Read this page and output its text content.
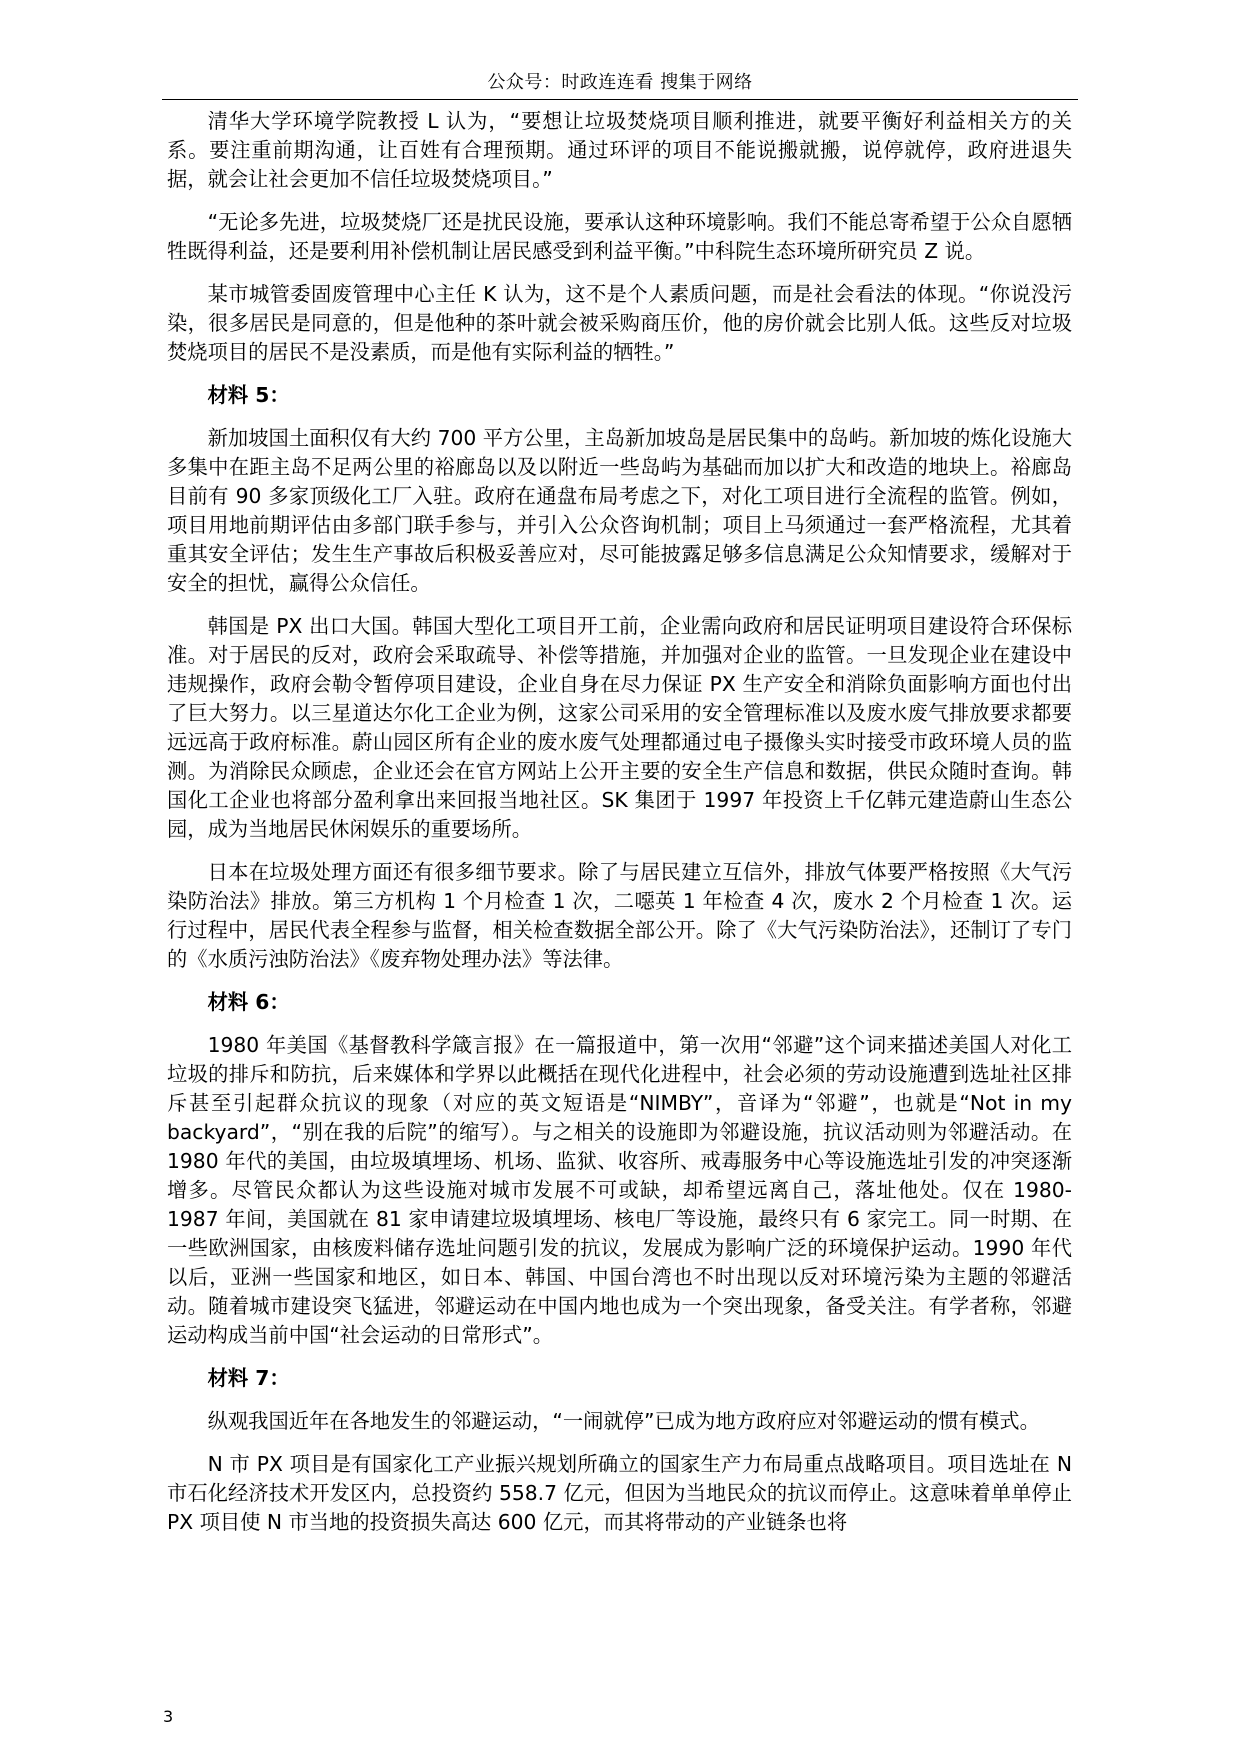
公众号：时政连连看 搜集于网络

清华大学环境学院教授 L 认为，“要想让垃圾焚烧项目顺利推进，就要平衡好利益相关方的关系。要注重前期沟通，让百姓有合理预期。通过环评的项目不能说搬就搬，说停就停，政府进退失据，就会让社会更加不信任垃圾焚烧项目。”

“无论多先进，垃圾焚烧厂还是扰民设施，要承认这种环境影响。我们不能总寄希望于公众自愿牺牲既得利益，还是要利用补偿机制让居民感受到利益平衡。”中科院生态环境所研究员 Z 说。

某市城管委固废管理中心主任 K 认为，这不是个人素质问题，而是社会看法的体现。“你说没污染，很多居民是同意的，但是他种的茶叶就会被采购商压价，他的房价就会比别人低。这些反对垃圾焚烧项目的居民不是没素质，而是他有实际利益的牺牲。”

材料 5：

新加坡国土面积仅有大约 700 平方公里，主岛新加坡岛是居民集中的岛屿。新加坡的炼化设施大多集中在距主岛不足两公里的裕廊岛以及以附近一些岛屿为基础而加以扩大和改造的地块上。裕廊岛目前有 90 多家顶级化工厂入驻。政府在通盘布局考虑之下，对化工项目进行全流程的监管。例如，项目用地前期评估由多部门联手参与，并引入公众咨询机制；项目上马须通过一套严格流程，尤其着重其安全评估；发生生产事故后积极妥善应对，尽可能披露足够多信息满足公众知情要求，缓解对于安全的担忧，赢得公众信任。

韩国是 PX 出口大国。韩国大型化工项目开工前，企业需向政府和居民证明项目建设符合环保标准。对于居民的反对，政府会采取疏导、补偿等措施，并加强对企业的监管。一旦发现企业在建设中违规操作，政府会勒令暂停项目建设，企业自身在尽力保证 PX 生产安全和消除负面影响方面也付出了巨大努力。以三星道达尔化工企业为例，这家公司采用的安全管理标准以及废水废气排放要求都要远远高于政府标准。蔚山园区所有企业的废水废气处理都通过电子摄像头实时接受市政环境人员的监测。为消除民众顾虑，企业还会在官方网站上公开主要的安全生产信息和数据，供民众随时查询。韩国化工企业也将部分盈利拿出来回报当地社区。SK 集团于 1997 年投资上千亿韩元建造蔚山生态公园，成为当地居民休闲娱乐的重要场所。

日本在垃圾处理方面还有很多细节要求。除了与居民建立互信外，排放气体要严格按照《大气污染防治法》排放。第三方机构 1 个月检查 1 次，二噁英 1 年检查 4 次，废水 2 个月检查 1 次。运行过程中，居民代表全程参与监督，相关检查数据全部公开。除了《大气污染防治法》，还制订了专门的《水质污浊防治法》《废弃物处理办法》等法律。

材料 6：

1980 年美国《基督教科学箴言报》在一篇报道中，第一次用“邻避”这个词来描述美国人对化工垃圾的排斥和防抗，后来媒体和学界以此概括在现代化进程中，社会必须的劳动设施遭到选址社区排斥甚至引起群众抗议的现象（对应的英文短语是“NIMBY”，音译为“邻避”，也就是“Not in my backyard”，“别在我的后院”的缩写）。与之相关的设施即为邻避设施，抗议活动则为邻避活动。在 1980 年代的美国，由垃圾填埋场、机场、监狱、收容所、戒毒服务中心等设施选址引发的冲突逐渐增多。尽管民众都认为这些设施对城市发展不可或缺，却希望远离自己，落址他处。仅在 1980-1987 年间，美国就在 81 家申请建垃圾填埋场、核电厂等设施，最终只有 6 家完工。同一时期、在一些欧洲国家，由核废料储存选址问题引发的抗议，发展成为影响广泛的环境保护运动。1990 年代以后，亚洲一些国家和地区，如日本、韩国、中国台湾也不时出现以反对环境污染为主题的邻避活动。随着城市建设突飞猛进，邻避运动在中国内地也成为一个突出现象，备受关注。有学者称，邻避运动构成当前中国“社会运动的日常形式”。

材料 7：

纵观我国近年在各地发生的邻避运动，“一闹就停”已成为地方政府应对邻避运动的惯有模式。

N 市 PX 项目是有国家化工产业振兴规划所确立的国家生产力布局重点战略项目。项目选址在 N 市石化经济技术开发区内，总投资约 558.7 亿元，但因为当地民众的抗议而停止。这意味着单单停止 PX 项目使 N 市当地的投资损失高达 600 亿元，而其将带动的产业链条也将

3
